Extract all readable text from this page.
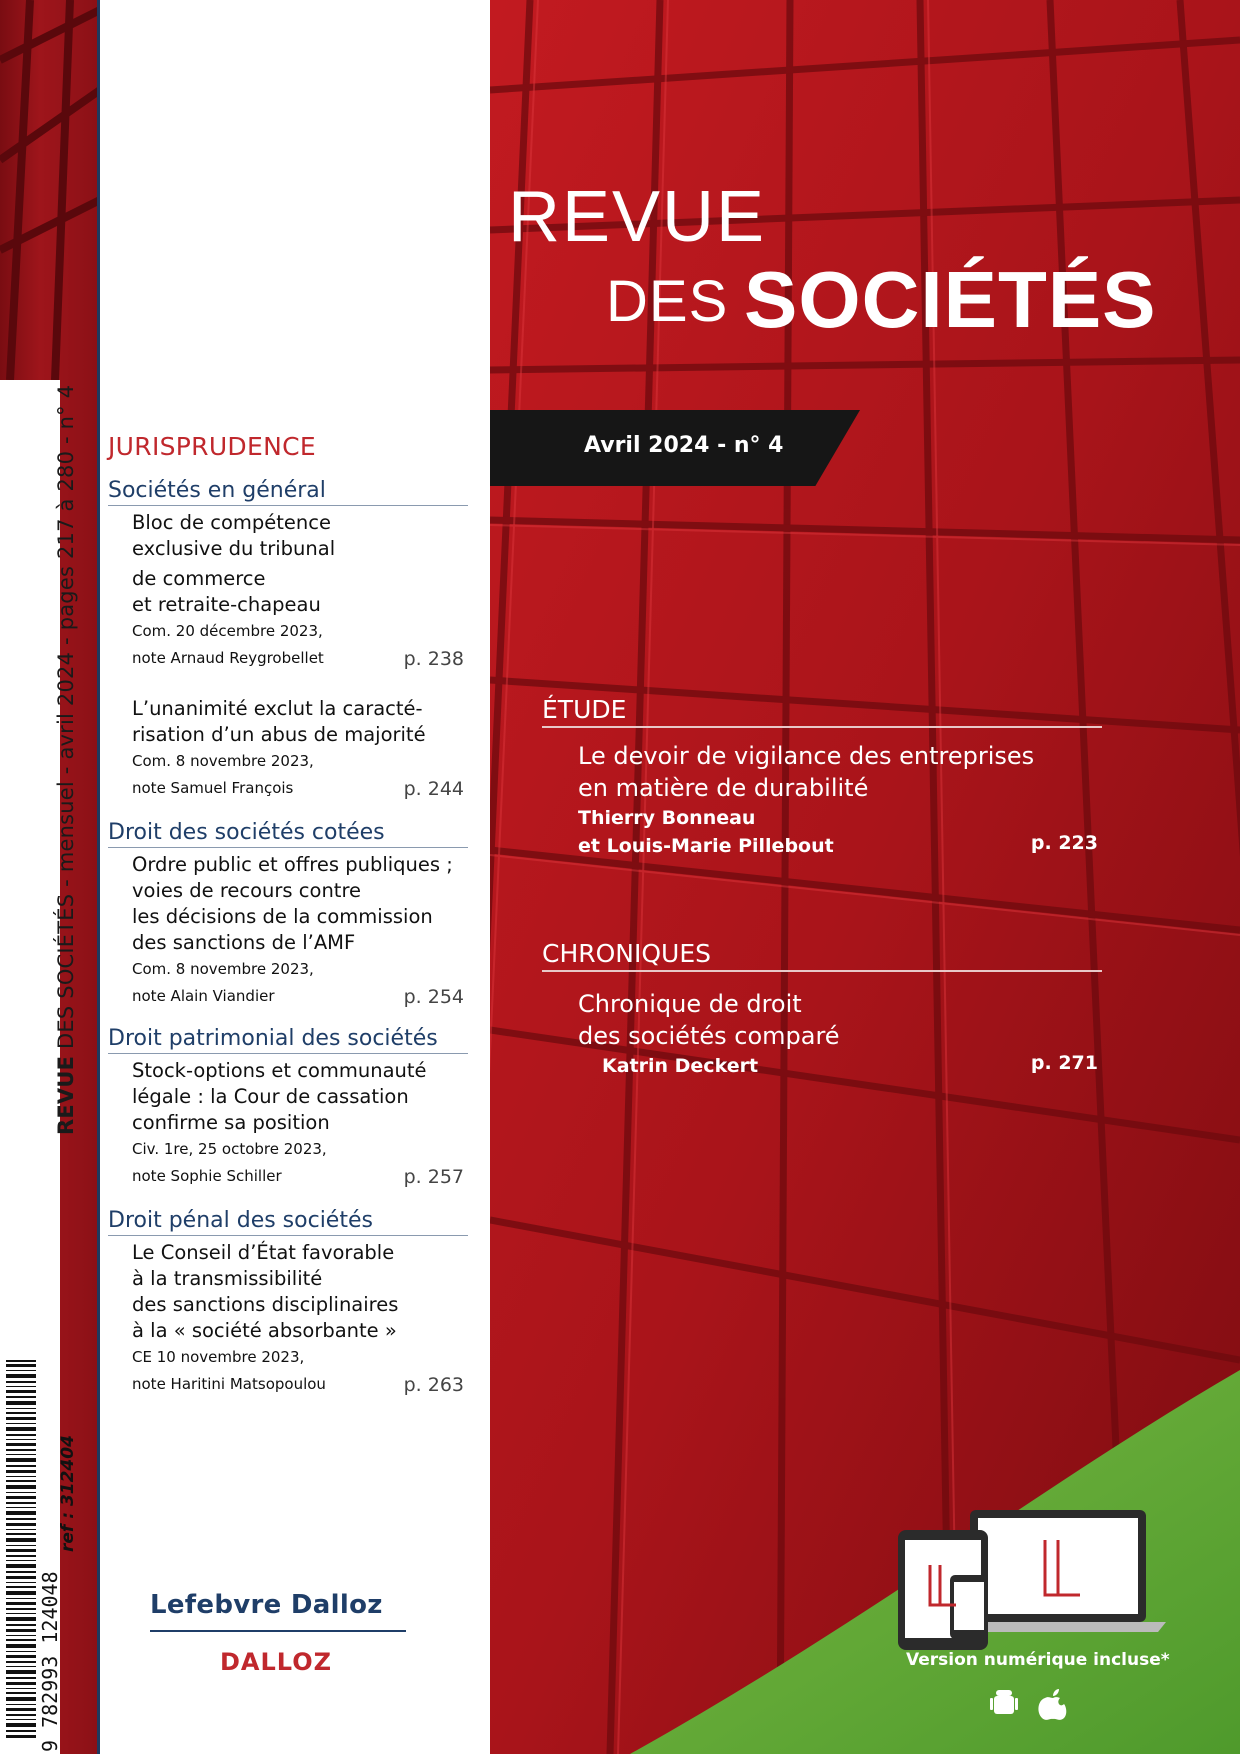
REVUE DES SOCIÉTÉS - mensuel - avril 2024 - pages 217 à 280 - n° 4
9 782993 124048
ref : 312404
JURISPRUDENCE
Sociétés en général
Bloc de compétence
exclusive du tribunal
de commerce
et retraite-chapeau
Com. 20 décembre 2023,
note Arnaud Reygrobellet	p. 238
L’unanimité exclut la caracté-
risation d’un abus de majorité
Com. 8 novembre 2023,
note Samuel François	p. 244
Droit des sociétés cotées
Ordre public et offres publiques ;
voies de recours contre
les décisions de la commission
des sanctions de l’AMF
Com. 8 novembre 2023,
note Alain Viandier	p. 254
Droit patrimonial des sociétés
Stock-options et communauté
légale : la Cour de cassation
confirme sa position
Civ. 1re, 25 octobre 2023,
note Sophie Schiller	p. 257
Droit pénal des sociétés
Le Conseil d’État favorable
à la transmissibilité
des sanctions disciplinaires
à la « société absorbante »
CE 10 novembre 2023,
note Haritini Matsopoulou	p. 263
Lefebvre Dalloz
DALLOZ
REVUE
DES SOCIÉTÉS
Avril 2024 - n° 4
ÉTUDE
Le devoir de vigilance des entreprises
en matière de durabilité
Thierry Bonneau
et Louis-Marie Pillebout	p. 223
CHRONIQUES
Chronique de droit
des sociétés comparé
Katrin Deckert	p. 271
Version numérique incluse*
